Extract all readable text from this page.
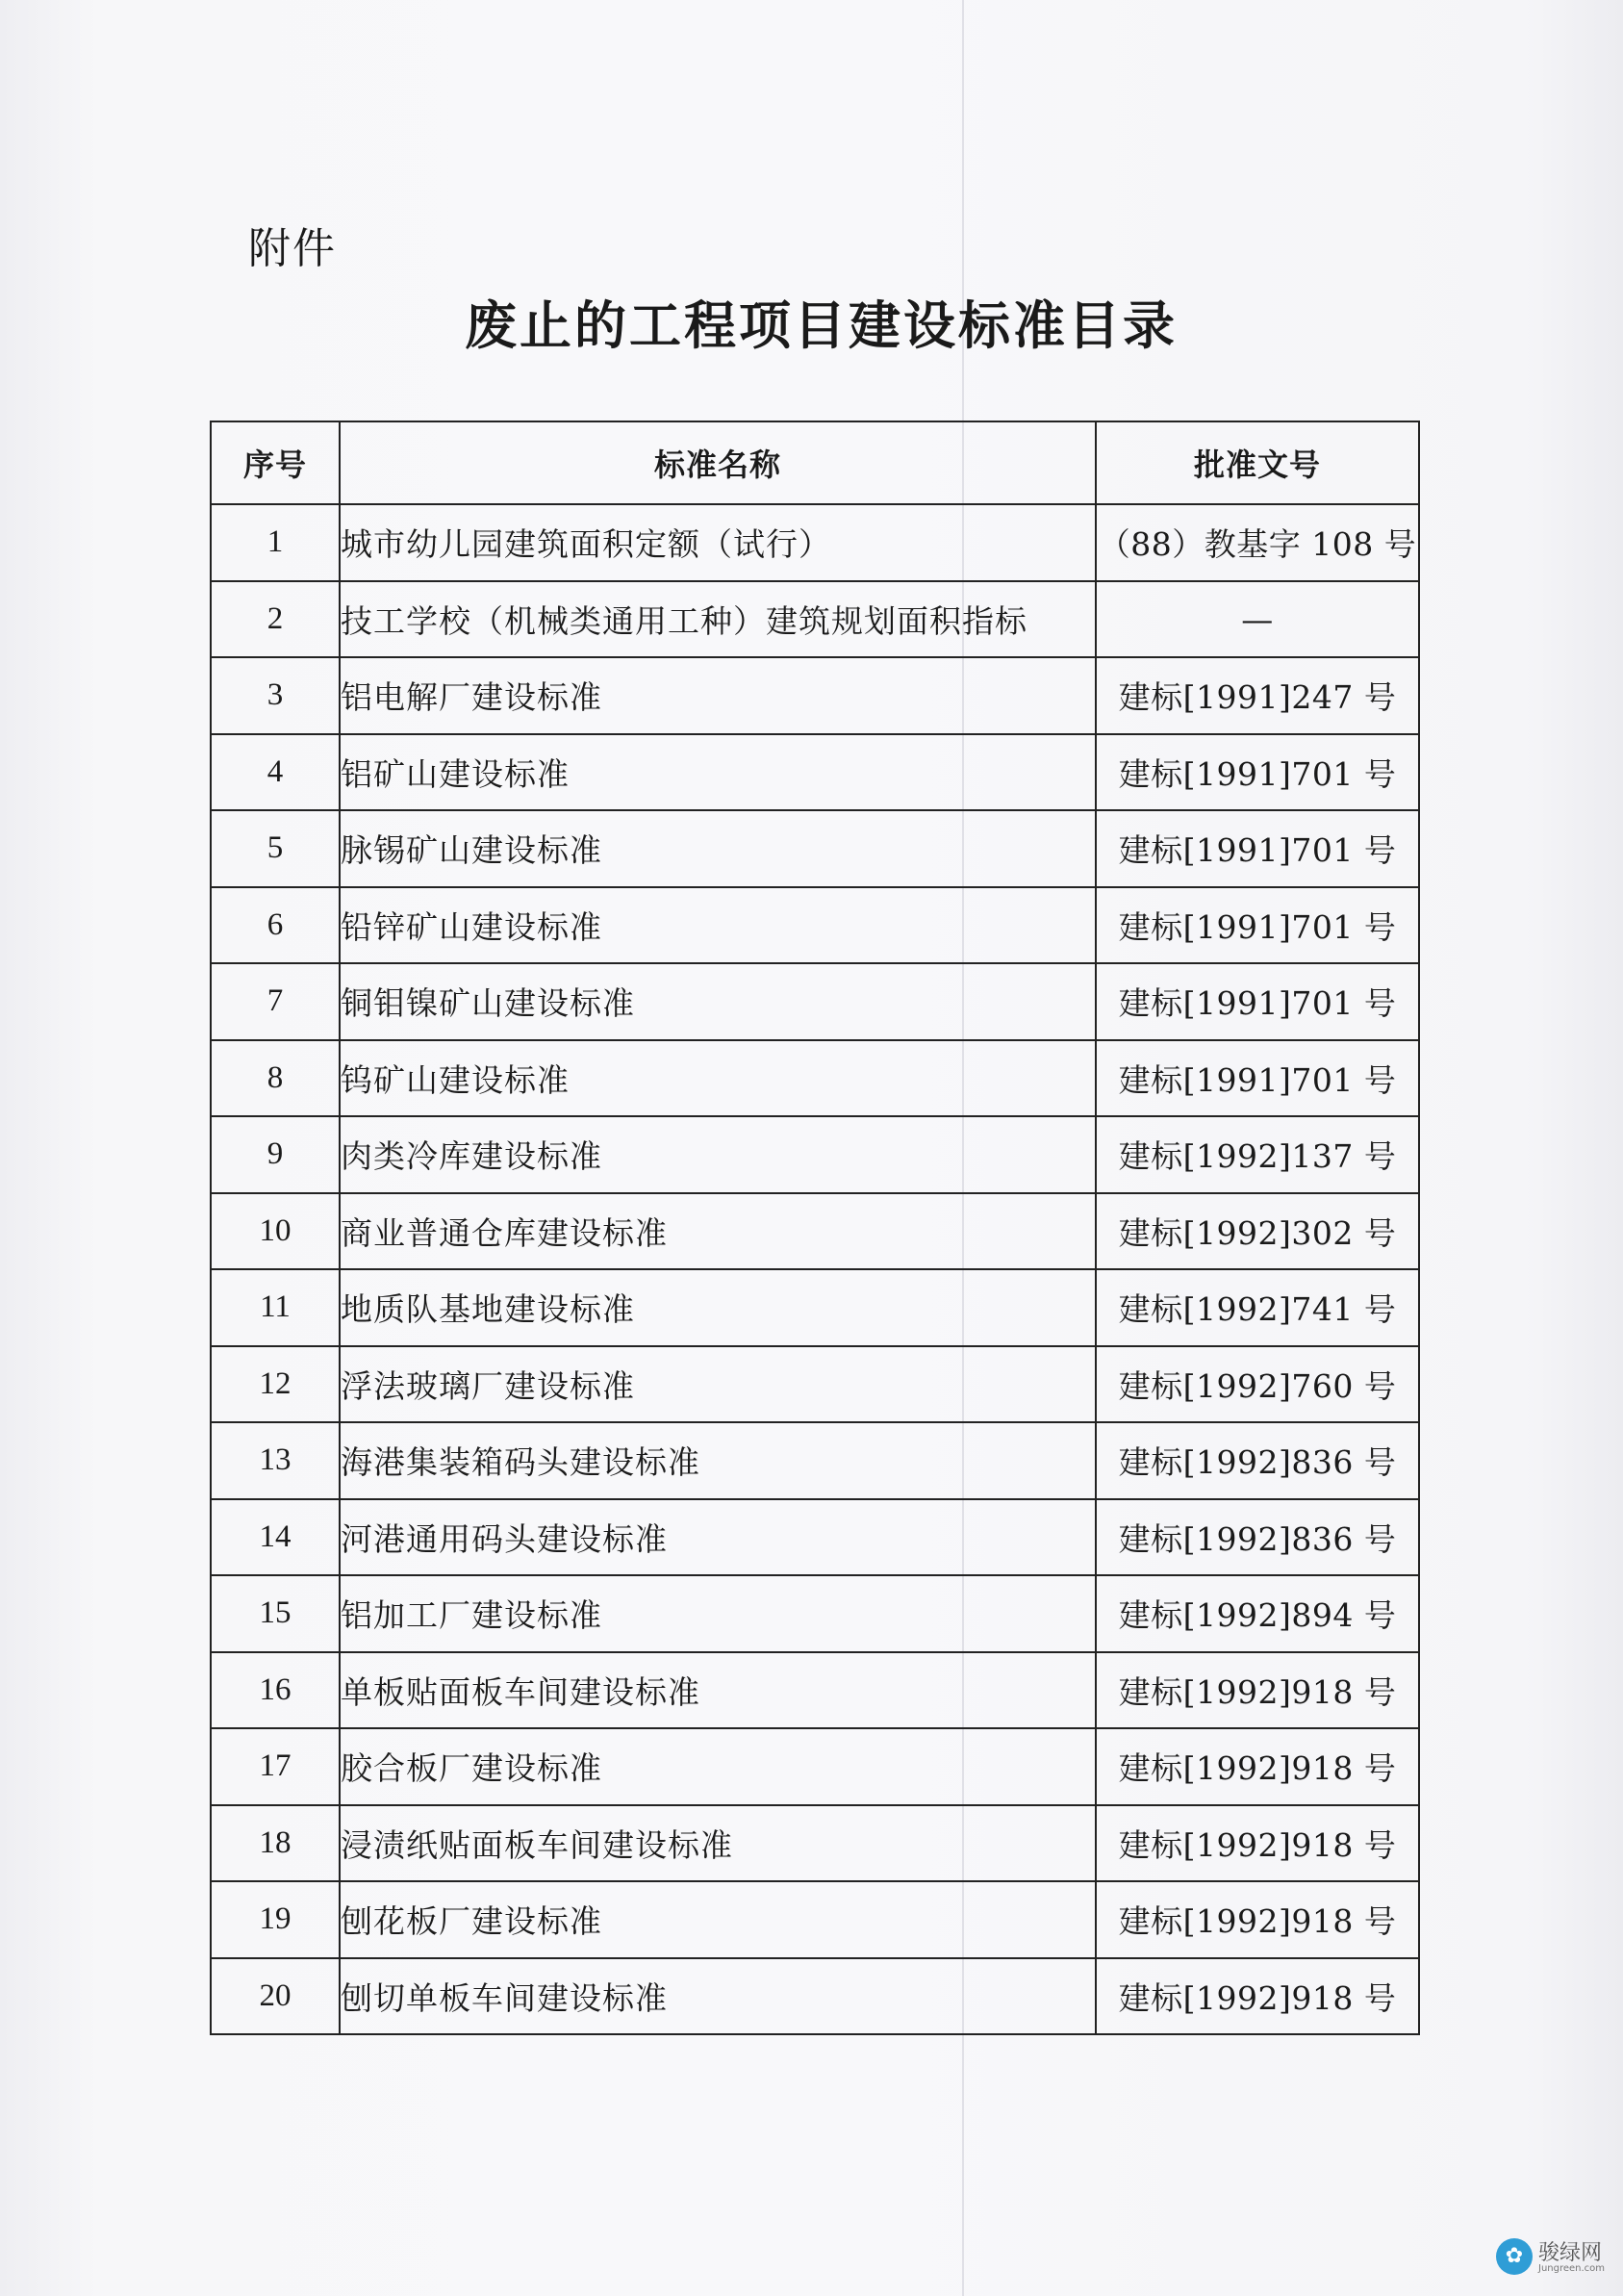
附件
废止的工程项目建设标准目录
序号	标准名称	批准文号
1	城市幼儿园建筑面积定额（试行）	（88）教基字 108 号
2	技工学校（机械类通用工种）建筑规划面积指标	—
3	铝电解厂建设标准	建标[1991]247 号
4	铝矿山建设标准	建标[1991]701 号
5	脉锡矿山建设标准	建标[1991]701 号
6	铅锌矿山建设标准	建标[1991]701 号
7	铜钼镍矿山建设标准	建标[1991]701 号
8	钨矿山建设标准	建标[1991]701 号
9	肉类冷库建设标准	建标[1992]137 号
10	商业普通仓库建设标准	建标[1992]302 号
11	地质队基地建设标准	建标[1992]741 号
12	浮法玻璃厂建设标准	建标[1992]760 号
13	海港集装箱码头建设标准	建标[1992]836 号
14	河港通用码头建设标准	建标[1992]836 号
15	铝加工厂建设标准	建标[1992]894 号
16	单板贴面板车间建设标准	建标[1992]918 号
17	胶合板厂建设标准	建标[1992]918 号
18	浸渍纸贴面板车间建设标准	建标[1992]918 号
19	刨花板厂建设标准	建标[1992]918 号
20	刨切单板车间建设标准	建标[1992]918 号
✿ 骏绿网
Jungreen.com
